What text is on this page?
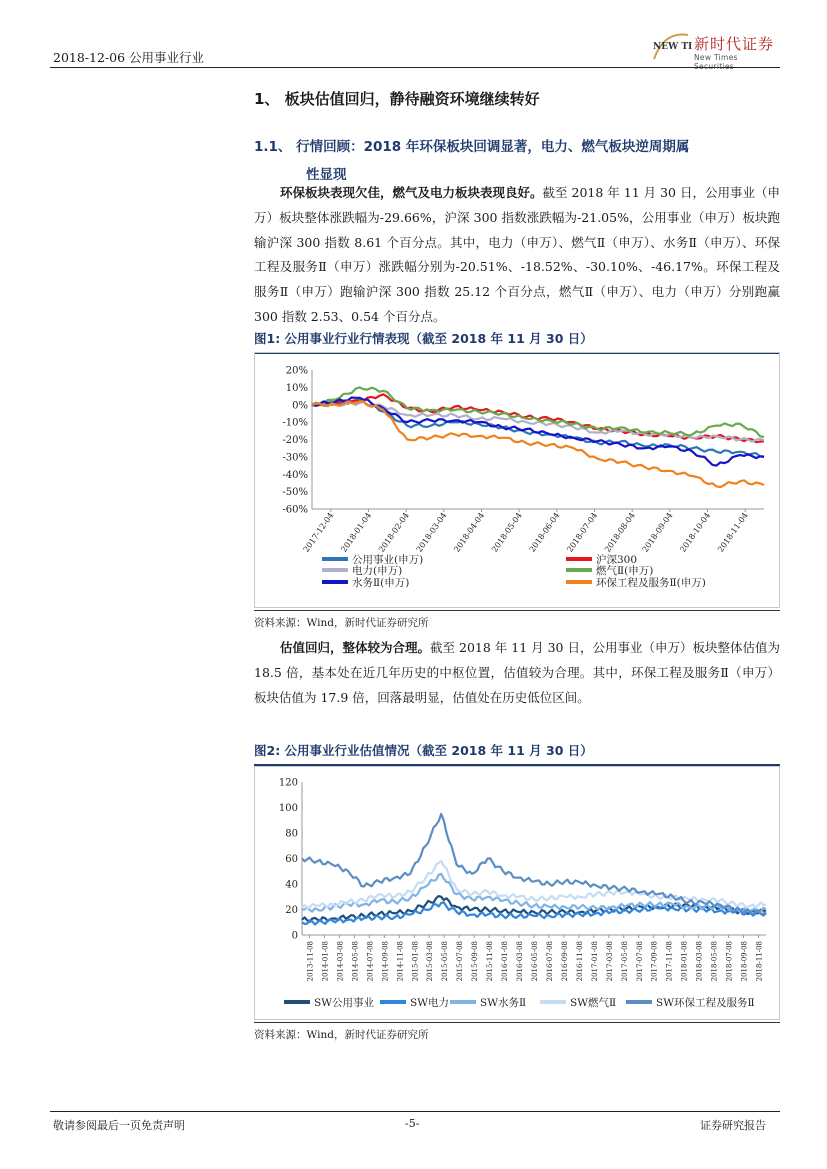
2018-12-06 公用事业行业
NEW TI 新时代证券
New Times Securities
1、 板块估值回归，静待融资环境继续转好
1.1、 行情回顾：2018 年环保板块回调显著，电力、燃气板块逆周期属
性显现
环保板块表现欠佳，燃气及电力板块表现良好。截至 2018 年 11 月 30 日，公用事业（申万）板块整体涨跌幅为-29.66%，沪深 300 指数涨跌幅为-21.05%，公用事业（申万）板块跑输沪深 300 指数 8.61 个百分点。其中，电力（申万）、燃气Ⅱ（申万）、水务Ⅱ（申万）、环保工程及服务Ⅱ（申万）涨跌幅分别为-20.51%、-18.52%、-30.10%、-46.17%。环保工程及服务Ⅱ（申万）跑输沪深 300 指数 25.12 个百分点，燃气Ⅱ（申万）、电力（申万）分别跑赢 300 指数 2.53、0.54 个百分点。
图1: 公用事业行业行情表现（截至 2018 年 11 月 30 日）
20%
10%
0%
-10%
-20%
-30%
-40%
-50%
-60%
2017-12-04 2018-01-04 2018-02-04 2018-03-04 2018-04-04 2018-05-04 2018-06-04 2018-07-04 2018-08-04 2018-09-04 2018-10-04 2018-11-04
公用事业(申万)	沪深300
电力(申万)	燃气Ⅱ(申万)
水务Ⅱ(申万)	环保工程及服务Ⅱ(申万)
资料来源：Wind，新时代证券研究所
估值回归，整体较为合理。截至 2018 年 11 月 30 日，公用事业（申万）板块整体估值为 18.5 倍，基本处在近几年历史的中枢位置，估值较为合理。其中，环保工程及服务Ⅱ（申万）板块估值为 17.9 倍，回落最明显，估值处在历史低位区间。
图2: 公用事业行业估值情况（截至 2018 年 11 月 30 日）
120
100
80
60
40
20
0
2013-11-08 2014-01-08 2014-03-08 2014-05-08 2014-07-08 2014-09-08 2014-11-08 2015-01-08 2015-03-08 2015-05-08 2015-07-08 2015-09-08 2015-11-08 2016-01-08 2016-03-08 2016-05-08 2016-07-08 2016-09-08 2016-11-08 2017-01-08 2017-03-08 2017-05-08 2017-07-08 2017-09-08 2017-11-08 2018-01-08 2018-03-08 2018-05-08 2018-07-08 2018-09-08 2018-11-08
SW公用事业	SW电力	SW水务Ⅱ	SW燃气Ⅱ	SW环保工程及服务Ⅱ
资料来源：Wind，新时代证券研究所
敬请参阅最后一页免责声明	-5-	证券研究报告
